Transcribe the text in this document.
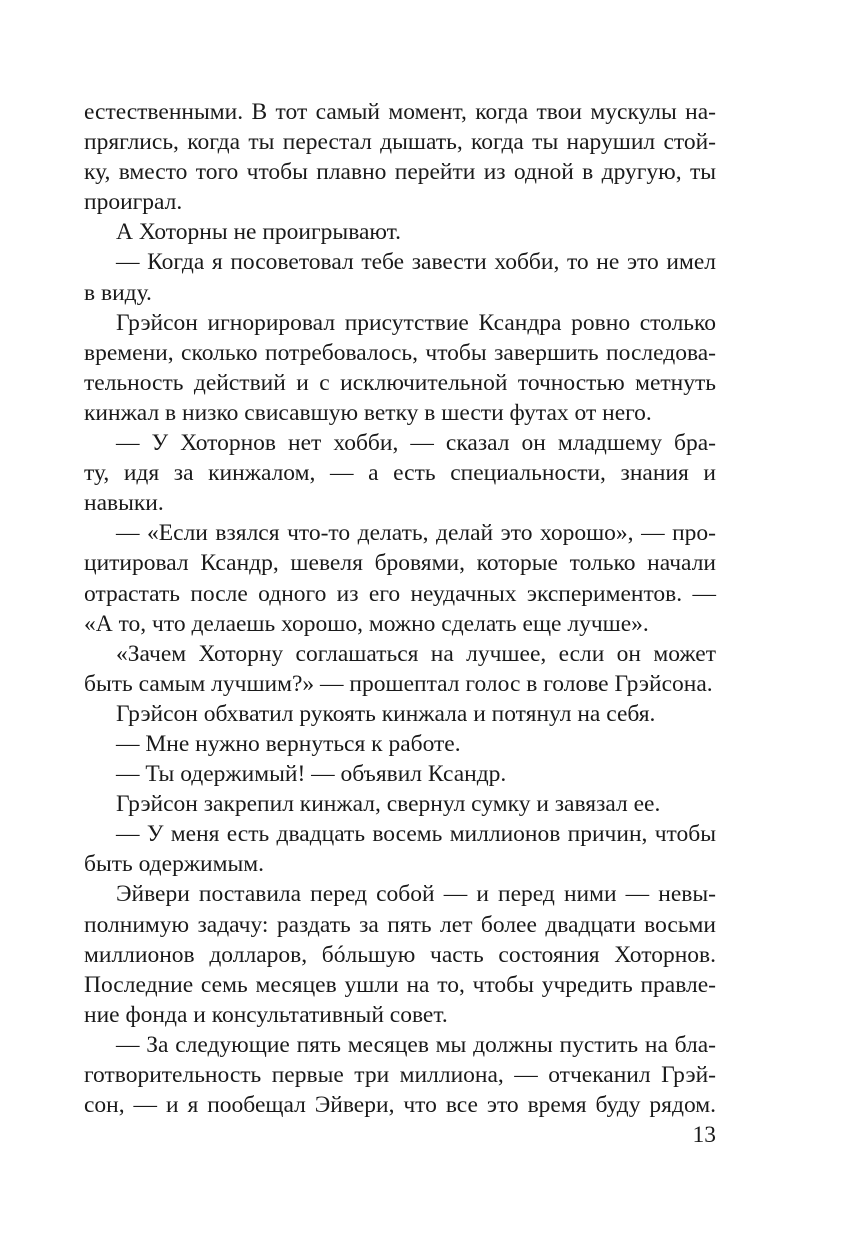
естественными. В тот самый момент, когда твои мускулы на-
пряглись, когда ты перестал дышать, когда ты нарушил стой-
ку, вместо того чтобы плавно перейти из одной в другую, ты
проиграл.
А Хоторны не проигрывают.
— Когда я посоветовал тебе завести хобби, то не это имел
в виду.
Грэйсон игнорировал присутствие Ксандра ровно столько
времени, сколько потребовалось, чтобы завершить последова-
тельность действий и с исключительной точностью метнуть
кинжал в низко свисавшую ветку в шести футах от него.
— У Хоторнов нет хобби, — сказал он младшему бра-
ту, идя за кинжалом, — а есть специальности, знания и
навыки.
— «Если взялся что-то делать, делай это хорошо», — про-
цитировал Ксандр, шевеля бровями, которые только начали
отрастать после одного из его неудачных экспериментов. —
«А то, что делаешь хорошо, можно сделать еще лучше».
«Зачем Хоторну соглашаться на лучшее, если он может
быть самым лучшим?» — прошептал голос в голове Грэйсона.
Грэйсон обхватил рукоять кинжала и потянул на себя.
— Мне нужно вернуться к работе.
— Ты одержимый! — объявил Ксандр.
Грэйсон закрепил кинжал, свернул сумку и завязал ее.
— У меня есть двадцать восемь миллионов причин, чтобы
быть одержимым.
Эйвери поставила перед собой — и перед ними — невы-
полнимую задачу: раздать за пять лет более двадцати восьми
миллионов долларов, бóльшую часть состояния Хоторнов.
Последние семь месяцев ушли на то, чтобы учредить правле-
ние фонда и консультативный совет.
— За следующие пять месяцев мы должны пустить на бла-
готворительность первые три миллиона, — отчеканил Грэй-
сон, — и я пообещал Эйвери, что все это время буду рядом.
13
